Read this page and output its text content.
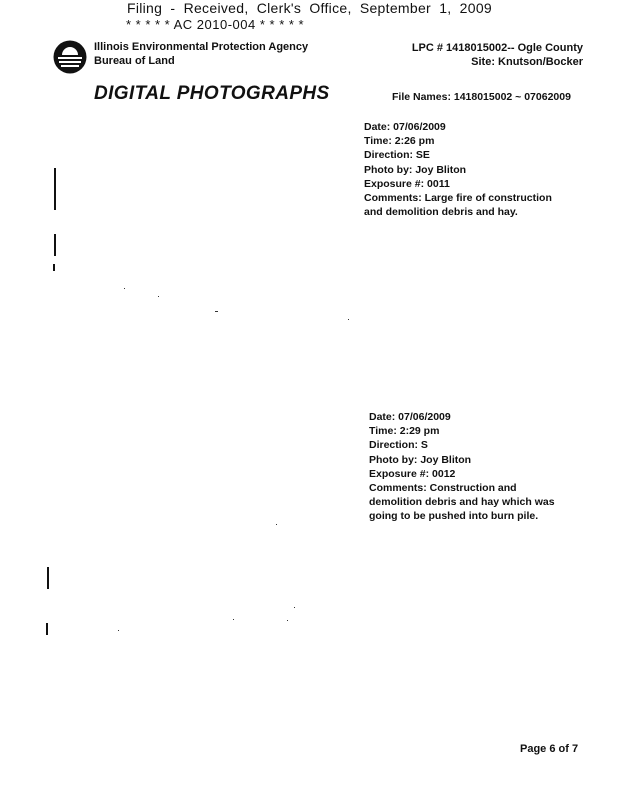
Filing - Received, Clerk's Office, September 1, 2009
* * * * * AC 2010-004 * * * * *
Illinois Environmental Protection Agency
Bureau of Land
LPC # 1418015002-- Ogle County
Site: Knutson/Bocker
DIGITAL PHOTOGRAPHS	File Names: 1418015002 ~ 07062009
Date: 07/06/2009
Time: 2:26 pm
Direction: SE
Photo by: Joy Bliton
Exposure #: 0011
Comments: Large fire of construction
and demolition debris and hay.
Date: 07/06/2009
Time: 2:29 pm
Direction: S
Photo by: Joy Bliton
Exposure #: 0012
Comments: Construction and
demolition debris and hay which was
going to be pushed into burn pile.
Page 6 of 7
